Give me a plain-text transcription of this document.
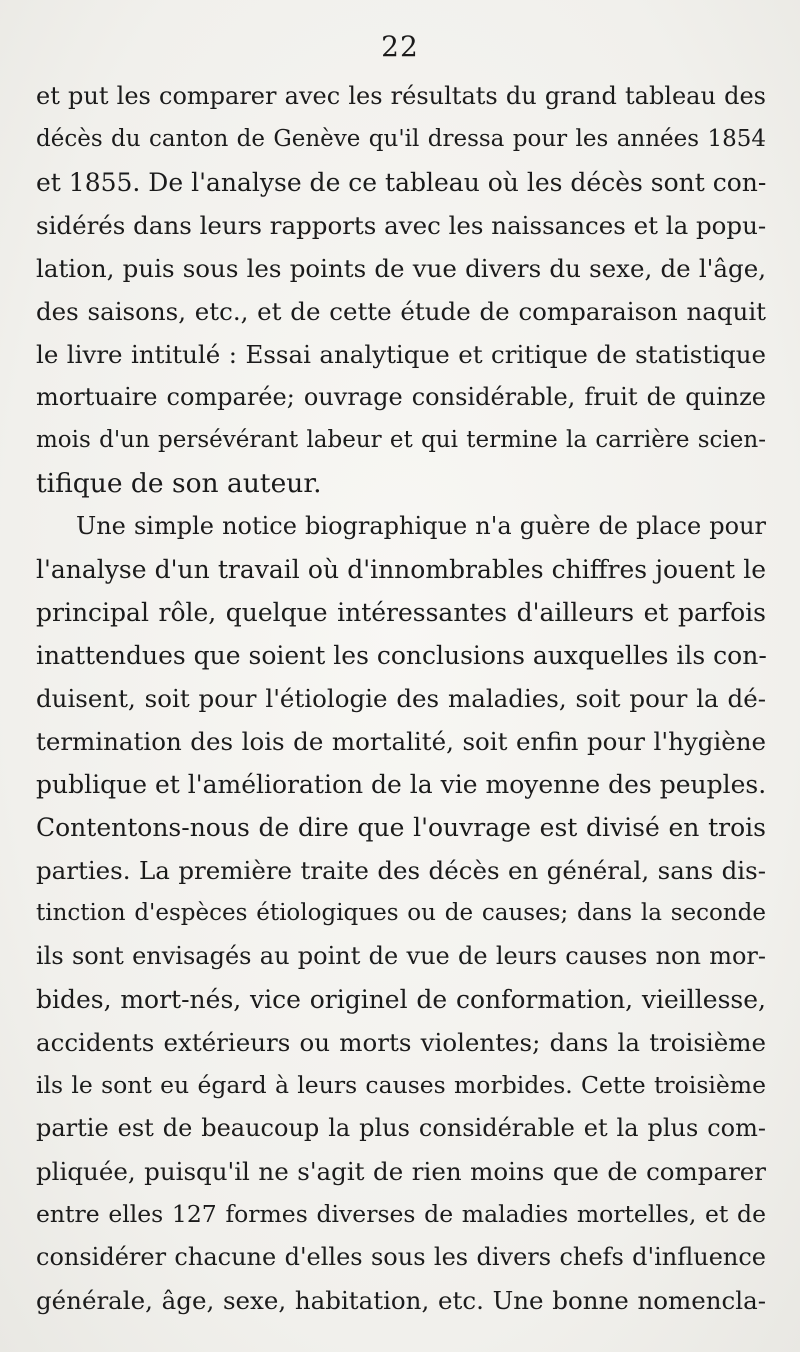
22
et put les comparer avec les résultats du grand tableau des
décès du canton de Genève qu'il dressa pour les années 1854
et 1855. De l'analyse de ce tableau où les décès sont con-
sidérés dans leurs rapports avec les naissances et la popu-
lation, puis sous les points de vue divers du sexe, de l'âge,
des saisons, etc., et de cette étude de comparaison naquit
le livre intitulé : Essai analytique et critique de statistique
mortuaire comparée; ouvrage considérable, fruit de quinze
mois d'un persévérant labeur et qui termine la carrière scien-
tifique de son auteur.
Une simple notice biographique n'a guère de place pour
l'analyse d'un travail où d'innombrables chiffres jouent le
principal rôle, quelque intéressantes d'ailleurs et parfois
inattendues que soient les conclusions auxquelles ils con-
duisent, soit pour l'étiologie des maladies, soit pour la dé-
termination des lois de mortalité, soit enfin pour l'hygiène
publique et l'amélioration de la vie moyenne des peuples.
Contentons-nous de dire que l'ouvrage est divisé en trois
parties. La première traite des décès en général, sans dis-
tinction d'espèces étiologiques ou de causes; dans la seconde
ils sont envisagés au point de vue de leurs causes non mor-
bides, mort-nés, vice originel de conformation, vieillesse,
accidents extérieurs ou morts violentes; dans la troisième
ils le sont eu égard à leurs causes morbides. Cette troisième
partie est de beaucoup la plus considérable et la plus com-
pliquée, puisqu'il ne s'agit de rien moins que de comparer
entre elles 127 formes diverses de maladies mortelles, et de
considérer chacune d'elles sous les divers chefs d'influence
générale, âge, sexe, habitation, etc. Une bonne nomencla-
